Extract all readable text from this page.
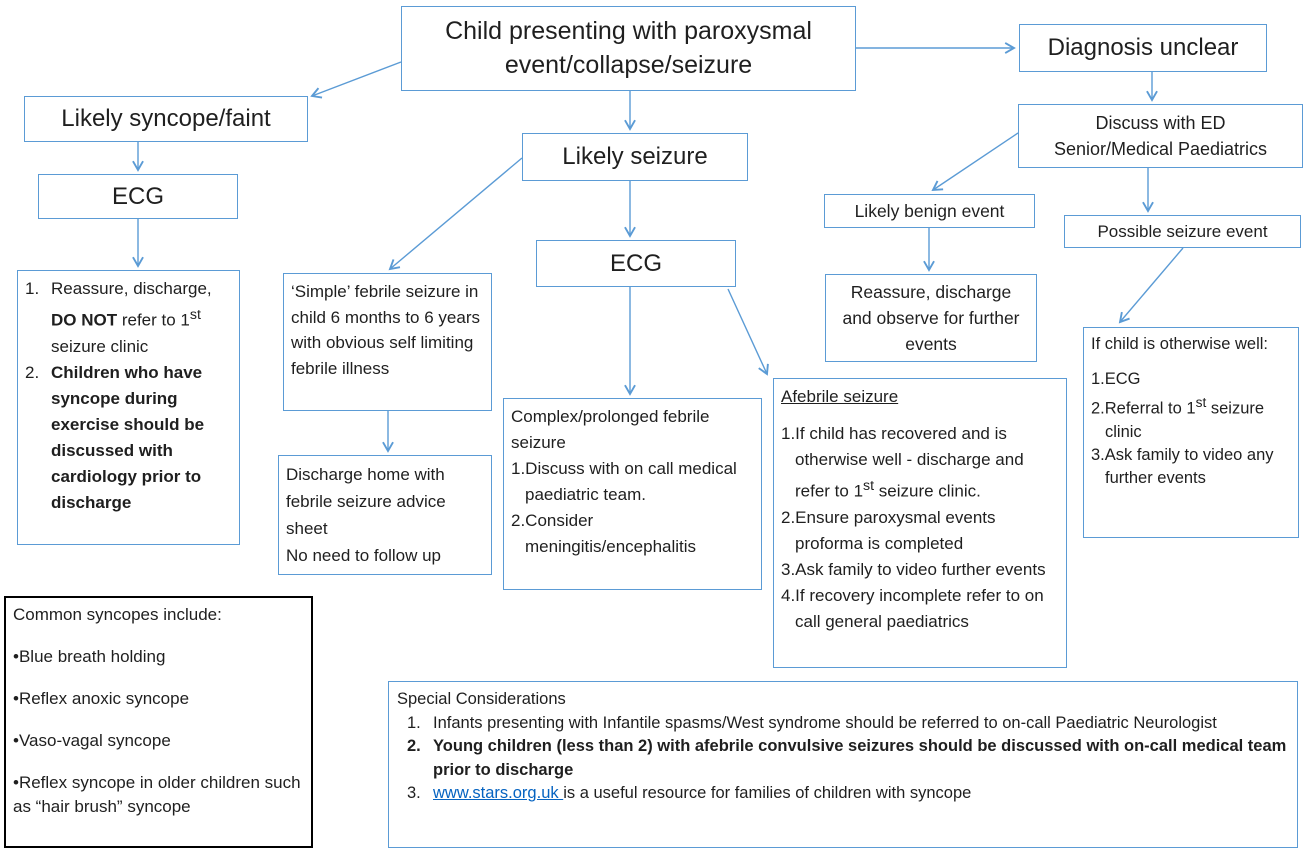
Child presenting with paroxysmal
event/collapse/seizure
Diagnosis unclear
Likely syncope/faint
ECG
1. Reassure, discharge, DO NOT refer to 1st seizure clinic
2. Children who have syncope during exercise should be discussed with cardiology prior to discharge
Likely seizure
ECG
‘Simple’ febrile seizure in child 6 months to 6 years with obvious self limiting febrile illness
Discharge home with febrile seizure advice sheet
No need to follow up
Complex/prolonged febrile seizure
1.Discuss with on call medical paediatric team.
2.Consider meningitis/encephalitis
Afebrile seizure
1.If child has recovered and is otherwise well - discharge and refer to 1st seizure clinic.
2.Ensure paroxysmal events proforma is completed
3.Ask family to video further events
4.If recovery incomplete refer to on call general paediatrics
Discuss with ED
Senior/Medical Paediatrics
Likely benign event
Reassure, discharge and observe for further events
Possible seizure event
If child is otherwise well:
1.ECG
2.Referral to 1st seizure clinic
3.Ask family to video any further events
Common syncopes include:
•Blue breath holding
•Reflex anoxic syncope
•Vaso-vagal syncope
•Reflex syncope in older children such as “hair brush” syncope
Special Considerations
1. Infants presenting with Infantile spasms/West syndrome should be referred to on-call Paediatric Neurologist
2. Young children (less than 2) with afebrile convulsive seizures should be discussed with on-call medical team prior to discharge
3. www.stars.org.uk is a useful resource for families of children with syncope
